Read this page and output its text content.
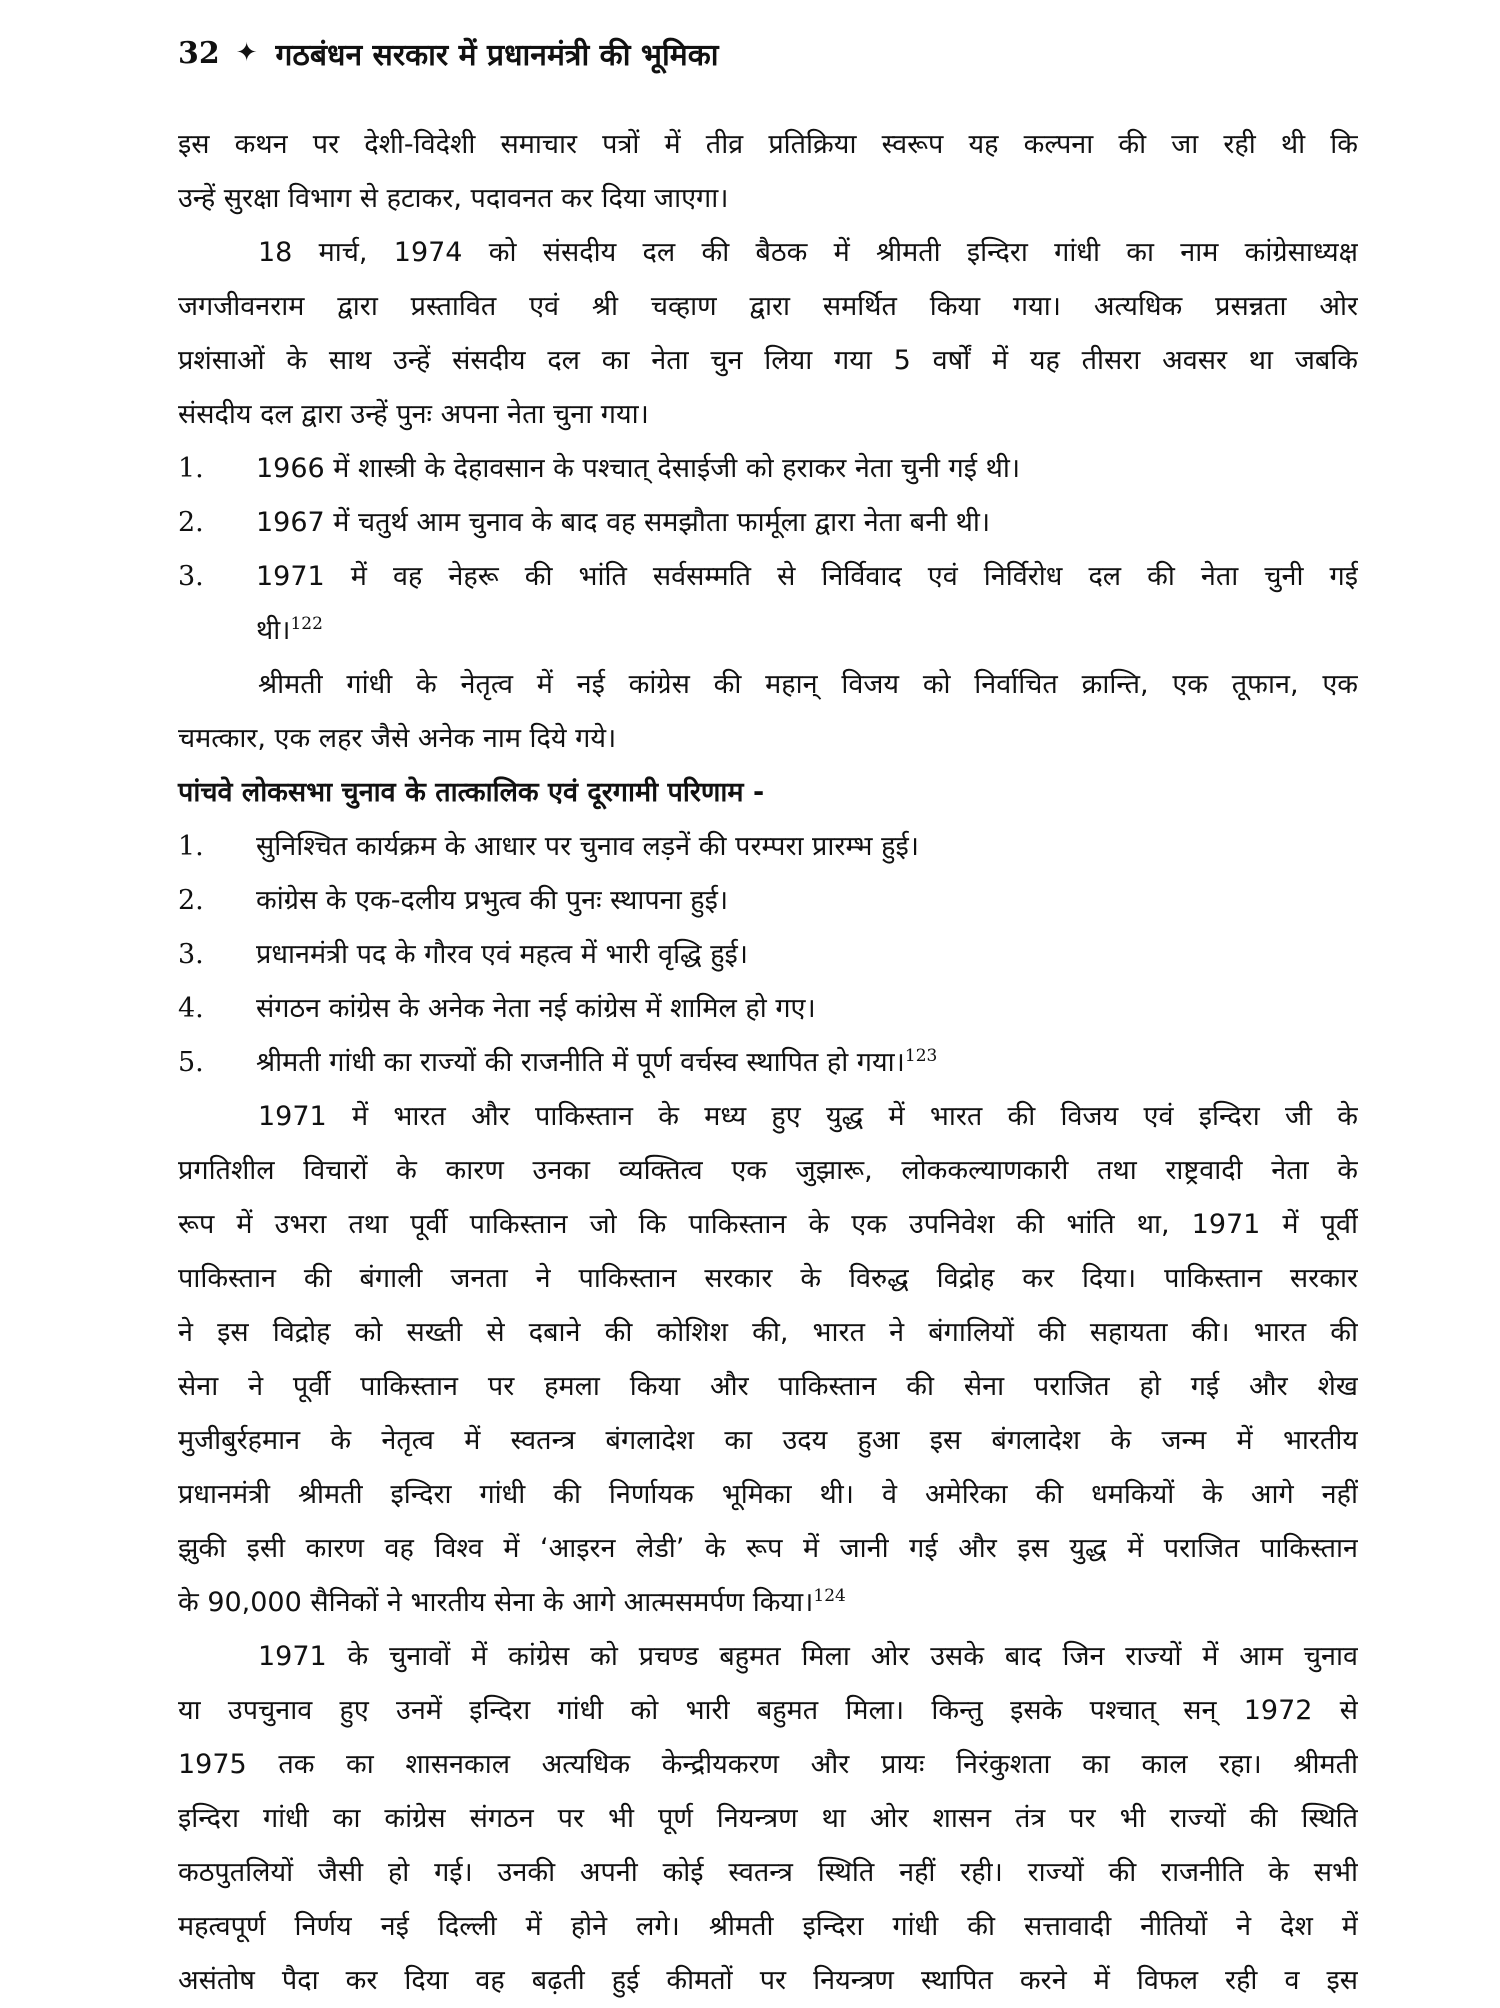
32 ✦ गठबंधन सरकार में प्रधानमंत्री की भूमिका
इस कथन पर देशी-विदेशी समाचार पत्रों में तीव्र प्रतिक्रिया स्वरूप यह कल्पना की जा रही थी कि
उन्हें सुरक्षा विभाग से हटाकर, पदावनत कर दिया जाएगा।
18 मार्च, 1974 को संसदीय दल की बैठक में श्रीमती इन्दिरा गांधी का नाम कांग्रेसाध्यक्ष
जगजीवनराम द्वारा प्रस्तावित एवं श्री चव्हाण द्वारा समर्थित किया गया। अत्यधिक प्रसन्नता ओर
प्रशंसाओं के साथ उन्हें संसदीय दल का नेता चुन लिया गया 5 वर्षों में यह तीसरा अवसर था जबकि
संसदीय दल द्वारा उन्हें पुनः अपना नेता चुना गया।
1.	1966 में शास्त्री के देहावसान के पश्चात् देसाईजी को हराकर नेता चुनी गई थी।
2.	1967 में चतुर्थ आम चुनाव के बाद वह समझौता फार्मूला द्वारा नेता बनी थी।
3.	1971 में वह नेहरू की भांति सर्वसम्मति से निर्विवाद एवं निर्विरोध दल की नेता चुनी गई
थी।$^{122}$
श्रीमती गांधी के नेतृत्व में नई कांग्रेस की महान् विजय को निर्वाचित क्रान्ति, एक तूफान, एक
चमत्कार, एक लहर जैसे अनेक नाम दिये गये।
पांचवे लोकसभा चुनाव के तात्कालिक एवं दूरगामी परिणाम -
1.	सुनिश्चित कार्यक्रम के आधार पर चुनाव लड़नें की परम्परा प्रारम्भ हुई।
2.	कांग्रेस के एक-दलीय प्रभुत्व की पुनः स्थापना हुई।
3.	प्रधानमंत्री पद के गौरव एवं महत्व में भारी वृद्धि हुई।
4.	संगठन कांग्रेस के अनेक नेता नई कांग्रेस में शामिल हो गए।
5.	श्रीमती गांधी का राज्यों की राजनीति में पूर्ण वर्चस्व स्थापित हो गया।$^{123}$
1971 में भारत और पाकिस्तान के मध्य हुए युद्ध में भारत की विजय एवं इन्दिरा जी के
प्रगतिशील विचारों के कारण उनका व्यक्तित्व एक जुझारू, लोककल्याणकारी तथा राष्ट्रवादी नेता के
रूप में उभरा तथा पूर्वी पाकिस्तान जो कि पाकिस्तान के एक उपनिवेश की भांति था, 1971 में पूर्वी
पाकिस्तान की बंगाली जनता ने पाकिस्तान सरकार के विरुद्ध विद्रोह कर दिया। पाकिस्तान सरकार
ने इस विद्रोह को सख्ती से दबाने की कोशिश की, भारत ने बंगालियों की सहायता की। भारत की
सेना ने पूर्वी पाकिस्तान पर हमला किया और पाकिस्तान की सेना पराजित हो गई और शेख
मुजीबुर्रहमान के नेतृत्व में स्वतन्त्र बंगलादेश का उदय हुआ इस बंगलादेश के जन्म में भारतीय
प्रधानमंत्री श्रीमती इन्दिरा गांधी की निर्णायक भूमिका थी। वे अमेरिका की धमकियों के आगे नहीं
झुकी इसी कारण वह विश्व में ‘आइरन लेडी’ के रूप में जानी गई और इस युद्ध में पराजित पाकिस्तान
के 90,000 सैनिकों ने भारतीय सेना के आगे आत्मसमर्पण किया।$^{124}$
1971 के चुनावों में कांग्रेस को प्रचण्ड बहुमत मिला ओर उसके बाद जिन राज्यों में आम चुनाव
या उपचुनाव हुए उनमें इन्दिरा गांधी को भारी बहुमत मिला। किन्तु इसके पश्चात् सन् 1972 से
1975 तक का शासनकाल अत्यधिक केन्द्रीयकरण और प्रायः निरंकुशता का काल रहा। श्रीमती
इन्दिरा गांधी का कांग्रेस संगठन पर भी पूर्ण नियन्त्रण था ओर शासन तंत्र पर भी राज्यों की स्थिति
कठपुतलियों जैसी हो गई। उनकी अपनी कोई स्वतन्त्र स्थिति नहीं रही। राज्यों की राजनीति के सभी
महत्वपूर्ण निर्णय नई दिल्ली में होने लगे। श्रीमती इन्दिरा गांधी की सत्तावादी नीतियों ने देश में
असंतोष पैदा कर दिया वह बढ़ती हुई कीमतों पर नियन्त्रण स्थापित करने में विफल रही व इस
